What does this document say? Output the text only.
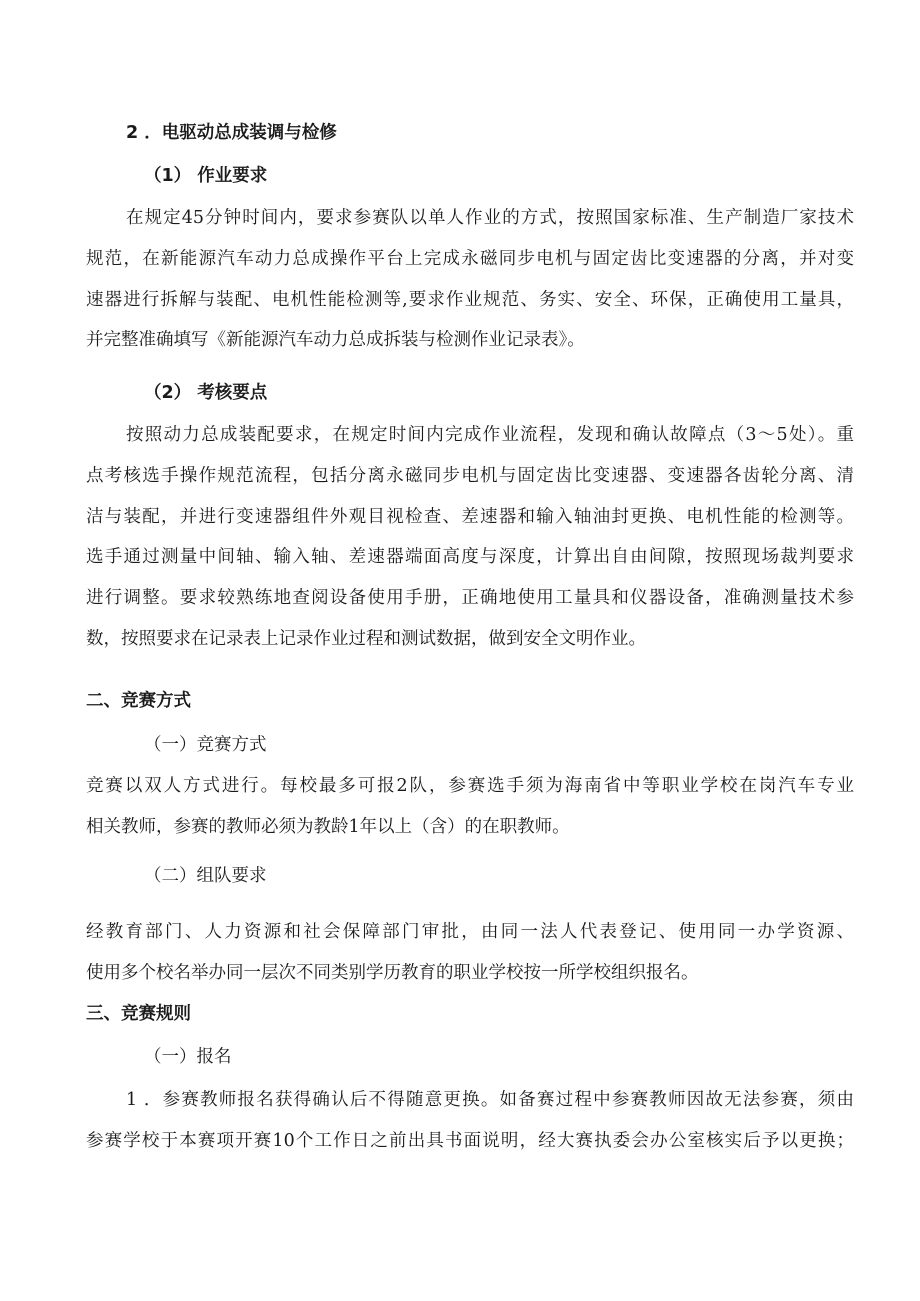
2 ．电驱动总成装调与检修

（1） 作业要求

在规定45分钟时间内，要求参赛队以单人作业的方式，按照国家标准、生产制造厂家技术
规范，在新能源汽车动力总成操作平台上完成永磁同步电机与固定齿比变速器的分离，并对变
速器进行拆解与装配、电机性能检测等,要求作业规范、务实、安全、环保，正确使用工量具，
并完整准确填写《新能源汽车动力总成拆装与检测作业记录表》。

（2） 考核要点

按照动力总成装配要求，在规定时间内完成作业流程，发现和确认故障点（3～5处）。重
点考核选手操作规范流程，包括分离永磁同步电机与固定齿比变速器、变速器各齿轮分离、清
洁与装配，并进行变速器组件外观目视检查、差速器和输入轴油封更换、电机性能的检测等。
选手通过测量中间轴、输入轴、差速器端面高度与深度，计算出自由间隙，按照现场裁判要求
进行调整。要求较熟练地查阅设备使用手册，正确地使用工量具和仪器设备，准确测量技术参
数，按照要求在记录表上记录作业过程和测试数据，做到安全文明作业。

二、竞赛方式

（一）竞赛方式

竞赛以双人方式进行。每校最多可报2队，参赛选手须为海南省中等职业学校在岗汽车专业
相关教师，参赛的教师必须为教龄1年以上（含）的在职教师。

（二）组队要求

经教育部门、人力资源和社会保障部门审批，由同一法人代表登记、使用同一办学资源、
使用多个校名举办同一层次不同类别学历教育的职业学校按一所学校组织报名。

三、竞赛规则

（一）报名

1 ．参赛教师报名获得确认后不得随意更换。如备赛过程中参赛教师因故无法参赛，须由
参赛学校于本赛项开赛10个工作日之前出具书面说明，经大赛执委会办公室核实后予以更换；
